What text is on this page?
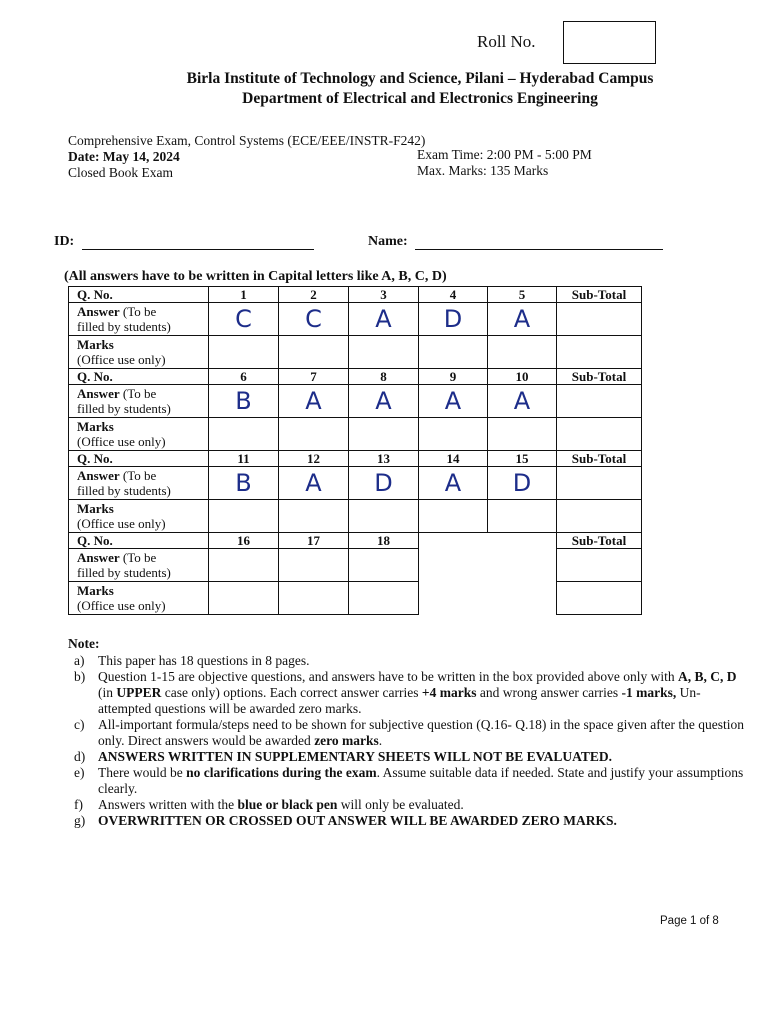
Roll No.
Birla Institute of Technology and Science, Pilani – Hyderabad Campus
Department of Electrical and Electronics Engineering
Comprehensive Exam, Control Systems (ECE/EEE/INSTR-F242)
Date: May 14, 2024
Closed Book Exam
Exam Time: 2:00 PM - 5:00 PM
Max. Marks: 135 Marks
ID:	Name:
(All answers have to be written in Capital letters like A, B, C, D)
Q. No.	1	2	3	4	5	Sub-Total

Answer (To be
filled by students)	C	C	A	D	A	

Marks
(Office use only)						

Q. No.	6	7	8	9	10	Sub-Total

Answer (To be
filled by students)	B	A	A	A	A	

Marks
(Office use only)						

Q. No.	11	12	13	14	15	Sub-Total

Answer (To be
filled by students)	B	A	D	A	D	

Marks
(Office use only)						

Q. No.	16	17	18			Sub-Total

Answer (To be
filled by students)						

Marks
(Office use only)						

Note:
a) This paper has 18 questions in 8 pages.
b) Question 1-15 are objective questions, and answers have to be written in the box provided above only with A, B, C, D (in UPPER case only) options. Each correct answer carries +4 marks and wrong answer carries -1 marks, Un-attempted questions will be awarded zero marks.
c) All-important formula/steps need to be shown for subjective question (Q.16- Q.18) in the space given after the question only. Direct answers would be awarded zero marks.
d) ANSWERS WRITTEN IN SUPPLEMENTARY SHEETS WILL NOT BE EVALUATED.
e) There would be no clarifications during the exam. Assume suitable data if needed. State and justify your assumptions clearly.
f) Answers written with the blue or black pen will only be evaluated.
g) OVERWRITTEN OR CROSSED OUT ANSWER WILL BE AWARDED ZERO MARKS.
Page 1 of 8
